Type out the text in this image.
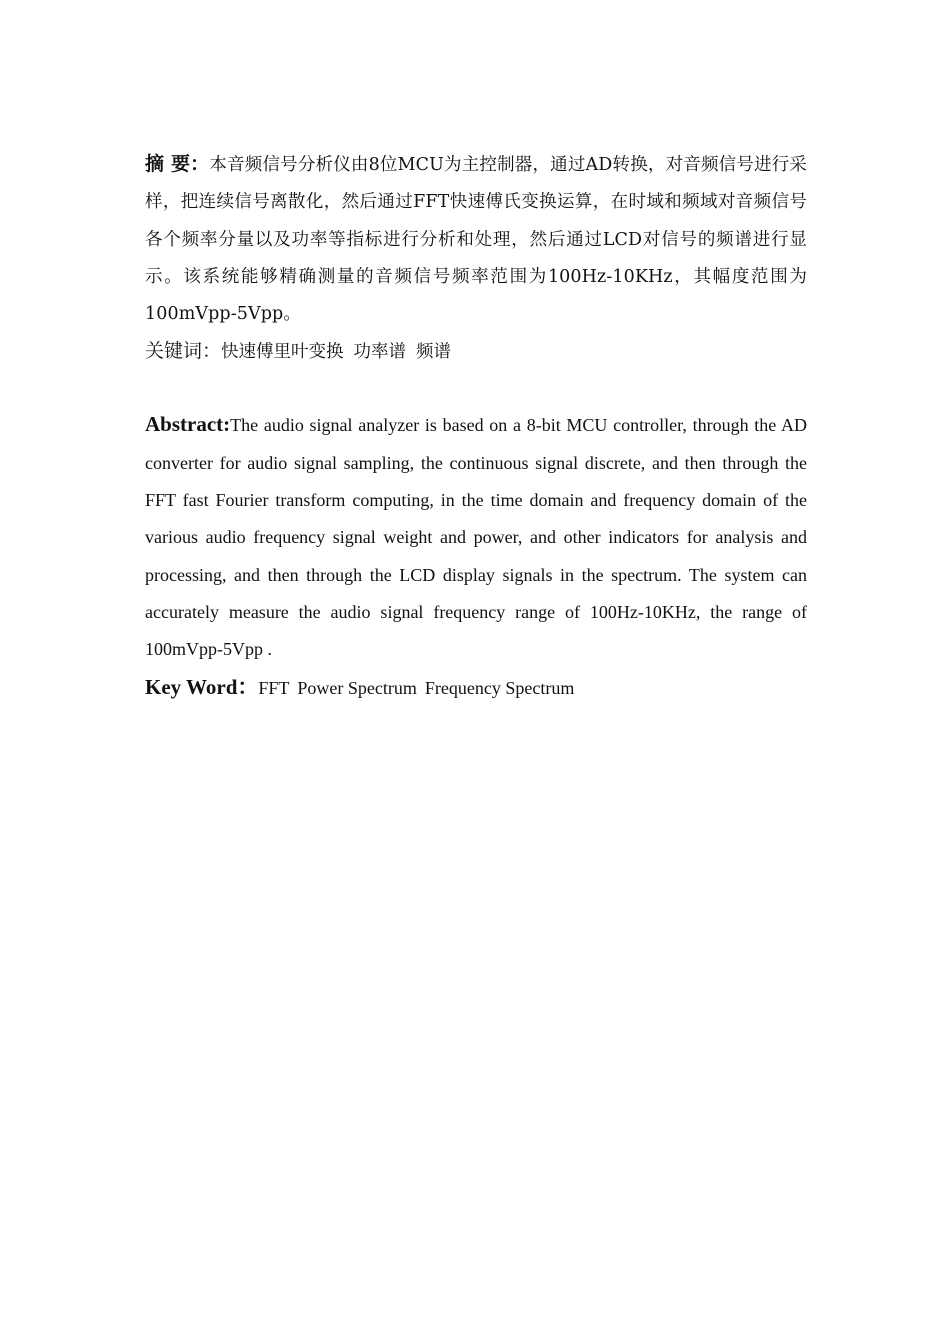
摘 要：本音频信号分析仪由8位MCU为主控制器，通过AD转换，对音频信号进行采样，把连续信号离散化，然后通过FFT快速傅氏变换运算，在时域和频域对音频信号各个频率分量以及功率等指标进行分析和处理，然后通过LCD对信号的频谱进行显示。该系统能够精确测量的音频信号频率范围为100Hz-10KHz，其幅度范围为100mVpp-5Vpp。

关键词：快速傅里叶变换 功率谱 频谱

Abstract:The audio signal analyzer is based on a 8-bit MCU controller, through the AD converter for audio signal sampling, the continuous signal discrete, and then through the FFT fast Fourier transform computing, in the time domain and frequency domain of the various audio frequency signal weight and power, and other indicators for analysis and processing, and then through the LCD display signals in the spectrum. The system can accurately measure the audio signal frequency range of 100Hz-10KHz, the range of 100mVpp-5Vpp .

Key Word：FFT Power Spectrum Frequency Spectrum
